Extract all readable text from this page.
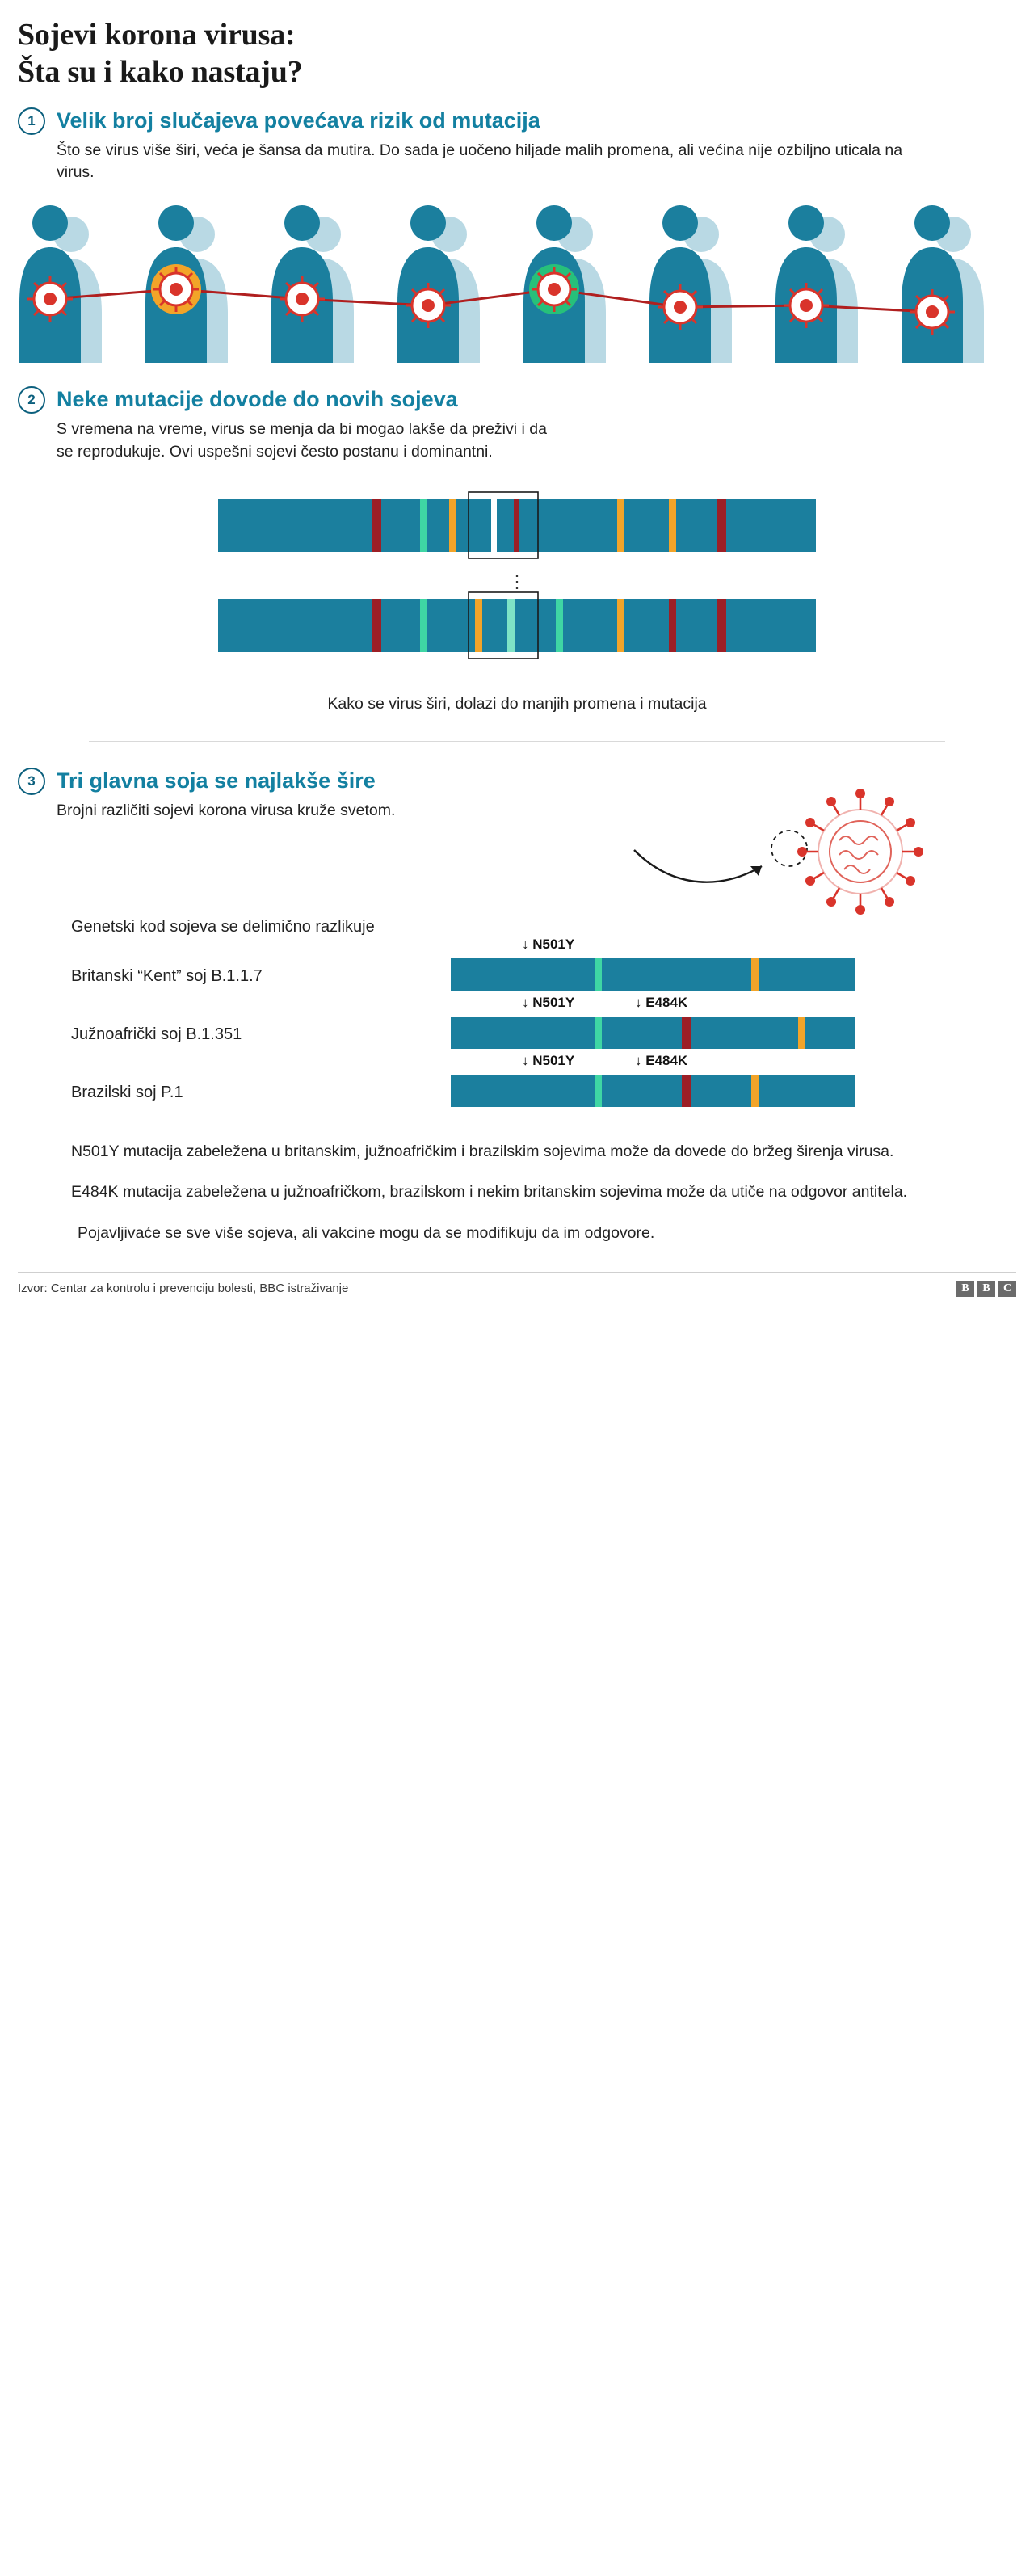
Sojevi korona virusa:
Šta su i kako nastaju?
1 Velik broj slučajeva povećava rizik od mutacija
Što se virus više širi, veća je šansa da mutira. Do sada je uočeno hiljade malih promena, ali većina nije ozbiljno uticala na virus.
2 Neke mutacije dovode do novih sojeva
S vremena na vreme, virus se menja da bi mogao lakše da preživi i da se reprodukuje. Ovi uspešni sojevi često postanu i dominantni.
⋮
Kako se virus širi, dolazi do manjih promena i mutacija
3 Tri glavna soja se najlakše šire
Brojni različiti sojevi korona virusa kruže svetom.
Genetski kod sojeva se delimično razlikuje
Britanski “Kent” soj B.1.1.7
↓ N501Y
Južnoafrički soj B.1.351
↓ N501Y	↓ E484K
Brazilski soj P.1
↓ N501Y	↓ E484K

N501Y mutacija zabeležena u britanskim, južnoafričkim i brazilskim sojevima može da dovede do bržeg širenja virusa.

E484K mutacija zabeležena u južnoafričkom, brazilskom i nekim britanskim sojevima može da utiče na odgovor antitela.

Pojavljivaće se sve više sojeva, ali vakcine mogu da se modifikuju da im odgovore.

Izvor: Centar za kontrolu i prevenciju bolesti, BBC istraživanje	B	B	C
